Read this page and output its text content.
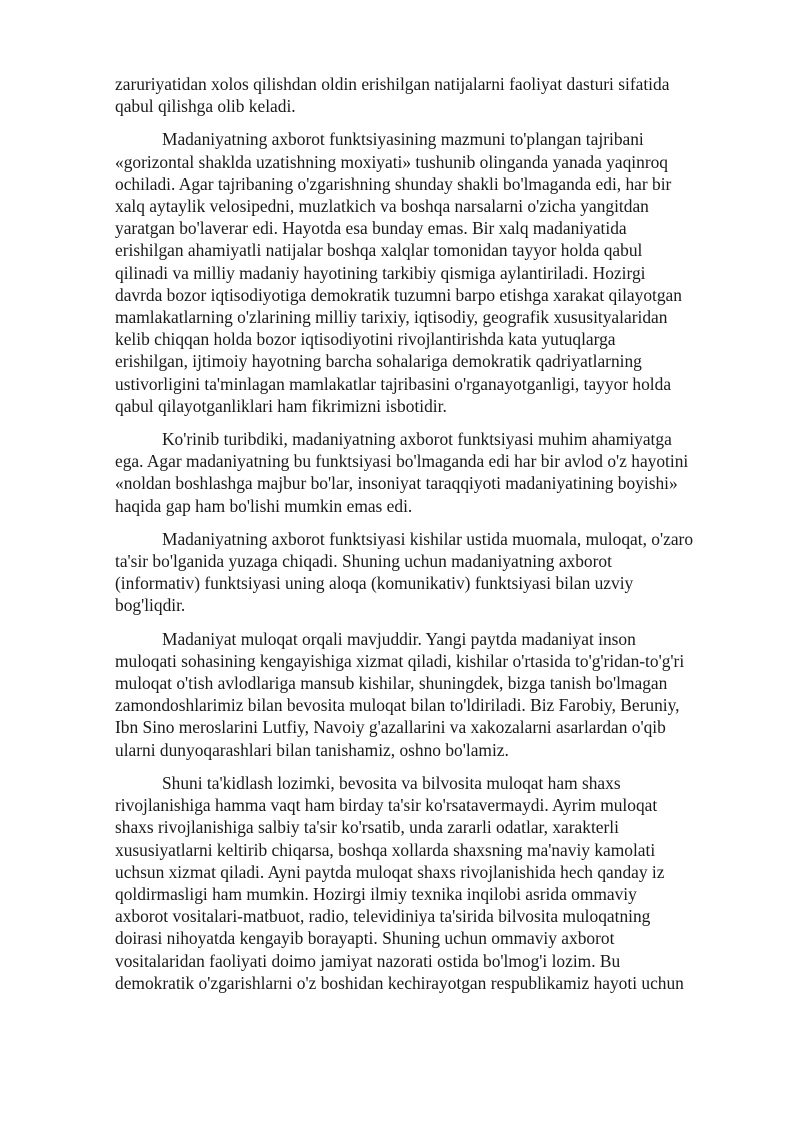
zaruriyatidan xolos qilishdan oldin erishilgan natijalarni faoliyat dasturi sifatida
qabul qilishga olib keladi.
Madaniyatning axborot funktsiyasining mazmuni to'plangan tajribani
«gorizontal shaklda uzatishning moxiyati» tushunib olinganda yanada yaqinroq
ochiladi. Agar tajribaning o'zgarishning shunday shakli bo'lmaganda edi, har bir
xalq aytaylik velosipedni, muzlatkich va boshqa narsalarni o'zicha yangitdan
yaratgan bo'laverar edi. Hayotda esa bunday emas. Bir xalq madaniyatida
erishilgan ahamiyatli natijalar boshqa xalqlar tomonidan tayyor holda qabul
qilinadi va milliy madaniy hayotining tarkibiy qismiga aylantiriladi. Hozirgi
davrda bozor iqtisodiyotiga demokratik tuzumni barpo etishga xarakat qilayotgan
mamlakatlarning o'zlarining milliy tarixiy, iqtisodiy, geografik xususityalaridan
kelib chiqqan holda bozor iqtisodiyotini rivojlantirishda kata yutuqlarga
erishilgan, ijtimoiy hayotning barcha sohalariga demokratik qadriyatlarning
ustivorligini ta'minlagan mamlakatlar tajribasini o'rganayotganligi, tayyor holda
qabul qilayotganliklari ham fikrimizni isbotidir.
Ko'rinib turibdiki, madaniyatning axborot funktsiyasi muhim ahamiyatga
ega. Agar madaniyatning bu funktsiyasi bo'lmaganda edi har bir avlod o'z hayotini
«noldan boshlashga majbur bo'lar, insoniyat taraqqiyoti madaniyatining boyishi»
haqida gap ham bo'lishi mumkin emas edi.
Madaniyatning axborot funktsiyasi kishilar ustida muomala, muloqat, o'zaro
ta'sir bo'lganida yuzaga chiqadi. Shuning uchun madaniyatning axborot
(informativ) funktsiyasi uning aloqa (komunikativ) funktsiyasi bilan uzviy
bog'liqdir.
Madaniyat muloqat orqali mavjuddir. Yangi paytda madaniyat inson
muloqati sohasining kengayishiga xizmat qiladi, kishilar o'rtasida to'g'ridan-to'g'ri
muloqat o'tish avlodlariga mansub kishilar, shuningdek, bizga tanish bo'lmagan
zamondoshlarimiz bilan bevosita muloqat bilan to'ldiriladi. Biz Farobiy, Beruniy,
Ibn Sino meroslarini Lutfiy, Navoiy g'azallarini va xakozalarni asarlardan o'qib
ularni dunyoqarashlari bilan tanishamiz, oshno bo'lamiz.
Shuni ta'kidlash lozimki, bevosita va bilvosita muloqat ham shaxs
rivojlanishiga hamma vaqt ham birday ta'sir ko'rsatavermaydi. Ayrim muloqat
shaxs rivojlanishiga salbiy ta'sir ko'rsatib, unda zararli odatlar, xarakterli
xususiyatlarni keltirib chiqarsa, boshqa xollarda shaxsning ma'naviy kamolati
uchsun xizmat qiladi. Ayni paytda muloqat shaxs rivojlanishida hech qanday iz
qoldirmasligi ham mumkin. Hozirgi ilmiy texnika inqilobi asrida ommaviy
axborot vositalari-matbuot, radio, televidiniya ta'sirida bilvosita muloqatning
doirasi nihoyatda kengayib borayapti. Shuning uchun ommaviy axborot
vositalaridan faoliyati doimo jamiyat nazorati ostida bo'lmog'i lozim. Bu
demokratik o'zgarishlarni o'z boshidan kechirayotgan respublikamiz hayoti uchun
